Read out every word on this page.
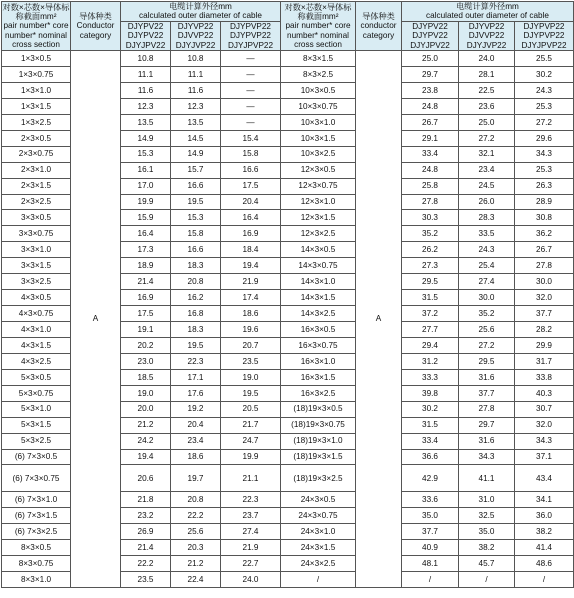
对数×芯数×导体标称截面mm²
pair number* core number* nominal cross section	导体种类
Conductor category	电缆计算外径mm
calculated outer diameter of cable			对数×芯数×导体标称截面mm²
pair number* core number* nominal cross section	导体种类
conductor category	电缆计算外径mm
calculated outer diameter of cable		
		DJYPV22 DJYPV22 DJYJPV22	DJYVP22 DJVVP22 DJYJVP22	DJYPVP22 DJYPVP22 DJYJPVP22			DJYPV22 DJYPV22 DJYJPV22	DJYVP22 DJVVP22 DJYJVP22	DJYPVP22 DJYPVP22 DJYJPVP22
1×3×0.5	A	10.8	10.8	—	8×3×1.5	A	25.0	24.0	25.5
1×3×0.75		11.1	11.1	—	8×3×2.5		29.7	28.1	30.2
1×3×1.0		11.6	11.6	—	10×3×0.5		23.8	22.5	24.3
1×3×1.5		12.3	12.3	—	10×3×0.75		24.8	23.6	25.3
1×3×2.5		13.5	13.5	—	10×3×1.0		26.7	25.0	27.2
2×3×0.5		14.9	14.5	15.4	10×3×1.5		29.1	27.2	29.6
2×3×0.75		15.3	14.9	15.8	10×3×2.5		33.4	32.1	34.3
2×3×1.0		16.1	15.7	16.6	12×3×0.5		24.8	23.4	25.3
2×3×1.5		17.0	16.6	17.5	12×3×0.75		25.8	24.5	26.3
2×3×2.5		19.9	19.5	20.4	12×3×1.0		27.8	26.0	28.9
3×3×0.5		15.9	15.3	16.4	12×3×1.5		30.3	28.3	30.8
3×3×0.75		16.4	15.8	16.9	12×3×2.5		35.2	33.5	36.2
3×3×1.0		17.3	16.6	18.4	14×3×0.5		26.2	24.3	26.7
3×3×1.5		18.9	18.3	19.4	14×3×0.75		27.3	25.4	27.8
3×3×2.5		21.4	20.8	21.9	14×3×1.0		29.5	27.4	30.0
4×3×0.5		16.9	16.2	17.4	14×3×1.5		31.5	30.0	32.0
4×3×0.75		17.5	16.8	18.6	14×3×2.5		37.2	35.2	37.7
4×3×1.0		19.1	18.3	19.6	16×3×0.5		27.7	25.6	28.2
4×3×1.5		20.2	19.5	20.7	16×3×0.75		29.4	27.2	29.9
4×3×2.5		23.0	22.3	23.5	16×3×1.0		31.2	29.5	31.7
5×3×0.5		18.5	17.1	19.0	16×3×1.5		33.3	31.6	33.8
5×3×0.75		19.0	17.6	19.5	16×3×2.5		39.8	37.7	40.3
5×3×1.0		20.0	19.2	20.5	(18)19×3×0.5		30.2	27.8	30.7
5×3×1.5		21.2	20.4	21.7	(18)19×3×0.75		31.5	29.7	32.0
5×3×2.5		24.2	23.4	24.7	(18)19×3×1.0		33.4	31.6	34.3
(6) 7×3×0.5		19.4	18.6	19.9	(18)19×3×1.5		36.6	34.3	37.1
(6) 7×3×0.75		20.6	19.7	21.1	(18)19×3×2.5		42.9	41.1	43.4
(6) 7×3×1.0		21.8	20.8	22.3	24×3×0.5		33.6	31.0	34.1
(6) 7×3×1.5		23.2	22.2	23.7	24×3×0.75		35.0	32.5	36.0
(6) 7×3×2.5		26.9	25.6	27.4	24×3×1.0		37.7	35.0	38.2
8×3×0.5		21.4	20.3	21.9	24×3×1.5		40.9	38.2	41.4
8×3×0.75		22.2	21.2	22.7	24×3×2.5		48.1	45.7	48.6
8×3×1.0		23.5	22.4	24.0	/		/	/	/
